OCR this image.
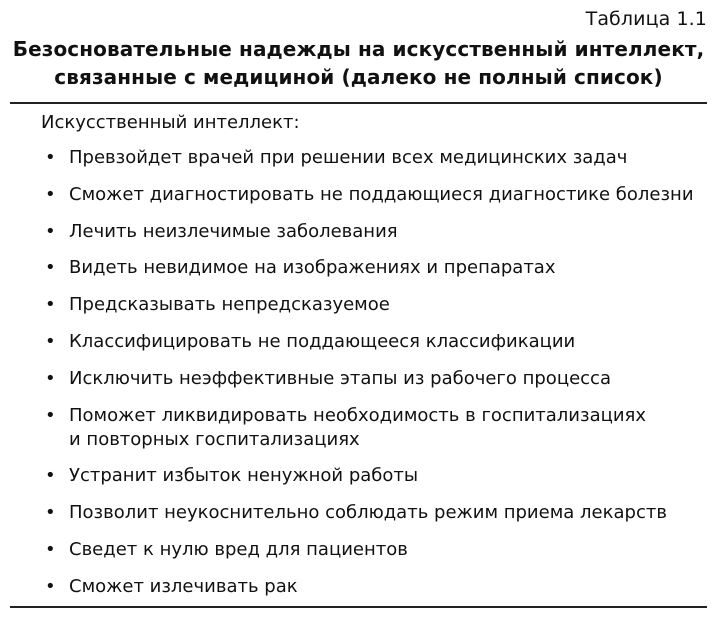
Таблица 1.1
Безосновательные надежды на искусственный интеллект,
связанные с медициной (далеко не полный список)
Искусственный интеллект:
• Превзойдет врачей при решении всех медицинских задач
• Сможет диагностировать не поддающиеся диагностике болезни
• Лечить неизлечимые заболевания
• Видеть невидимое на изображениях и препаратах
• Предсказывать непредсказуемое
• Классифицировать не поддающееся классификации
• Исключить неэффективные этапы из рабочего процесса
• Поможет ликвидировать необходимость в госпитализациях
и повторных госпитализациях
• Устранит избыток ненужной работы
• Позволит неукоснительно соблюдать режим приема лекарств
• Сведет к нулю вред для пациентов
• Сможет излечивать рак
